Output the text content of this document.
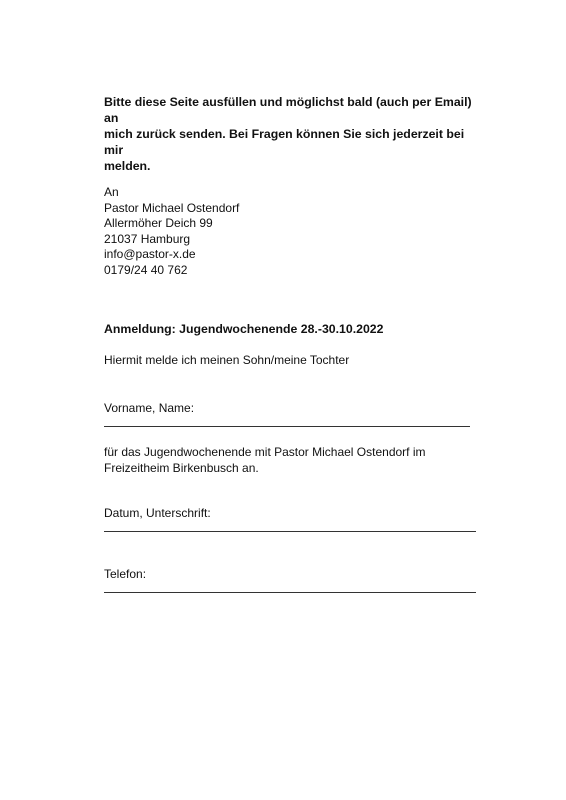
Bitte diese Seite ausfüllen und möglichst bald (auch per Email) an
mich zurück senden. Bei Fragen können Sie sich jederzeit bei mir
melden.
An
Pastor Michael Ostendorf
Allermöher Deich 99
21037 Hamburg
info@pastor-x.de
0179/24 40 762
Anmeldung: Jugendwochenende 28.-30.10.2022
Hiermit melde ich meinen Sohn/meine Tochter
Vorname, Name:
für das Jugendwochenende mit Pastor Michael Ostendorf im
Freizeitheim Birkenbusch an.
Datum, Unterschrift:
Telefon:
